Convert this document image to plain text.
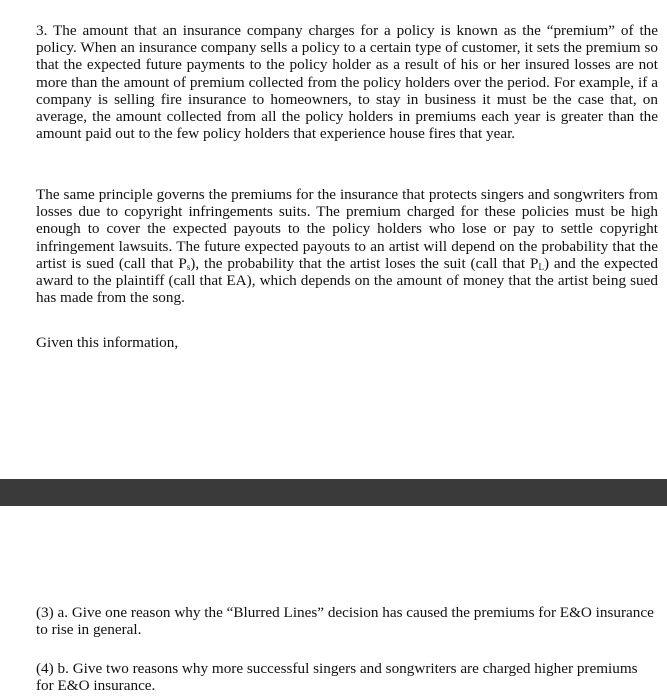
3. The amount that an insurance company charges for a policy is known as the “premium” of the policy. When an insurance company sells a policy to a certain type of customer, it sets the premium so that the expected future payments to the policy holder as a result of his or her insured losses are not more than the amount of premium collected from the policy holders over the period. For example, if a company is selling fire insurance to homeowners, to stay in business it must be the case that, on average, the amount collected from all the policy holders in premiums each year is greater than the amount paid out to the few policy holders that experience house fires that year.

The same principle governs the premiums for the insurance that protects singers and songwriters from losses due to copyright infringements suits. The premium charged for these policies must be high enough to cover the expected payouts to the policy holders who lose or pay to settle copyright infringement lawsuits. The future expected payouts to an artist will depend on the probability that the artist is sued (call that $P_s$), the probability that the artist loses the suit (call that $P_L$) and the expected award to the plaintiff (call that EA), which depends on the amount of money that the artist being sued has made from the song.

Given this information,

(3) a. Give one reason why the “Blurred Lines” decision has caused the premiums for E&O insurance to rise in general.

(4) b. Give two reasons why more successful singers and songwriters are charged higher premiums for E&O insurance.
